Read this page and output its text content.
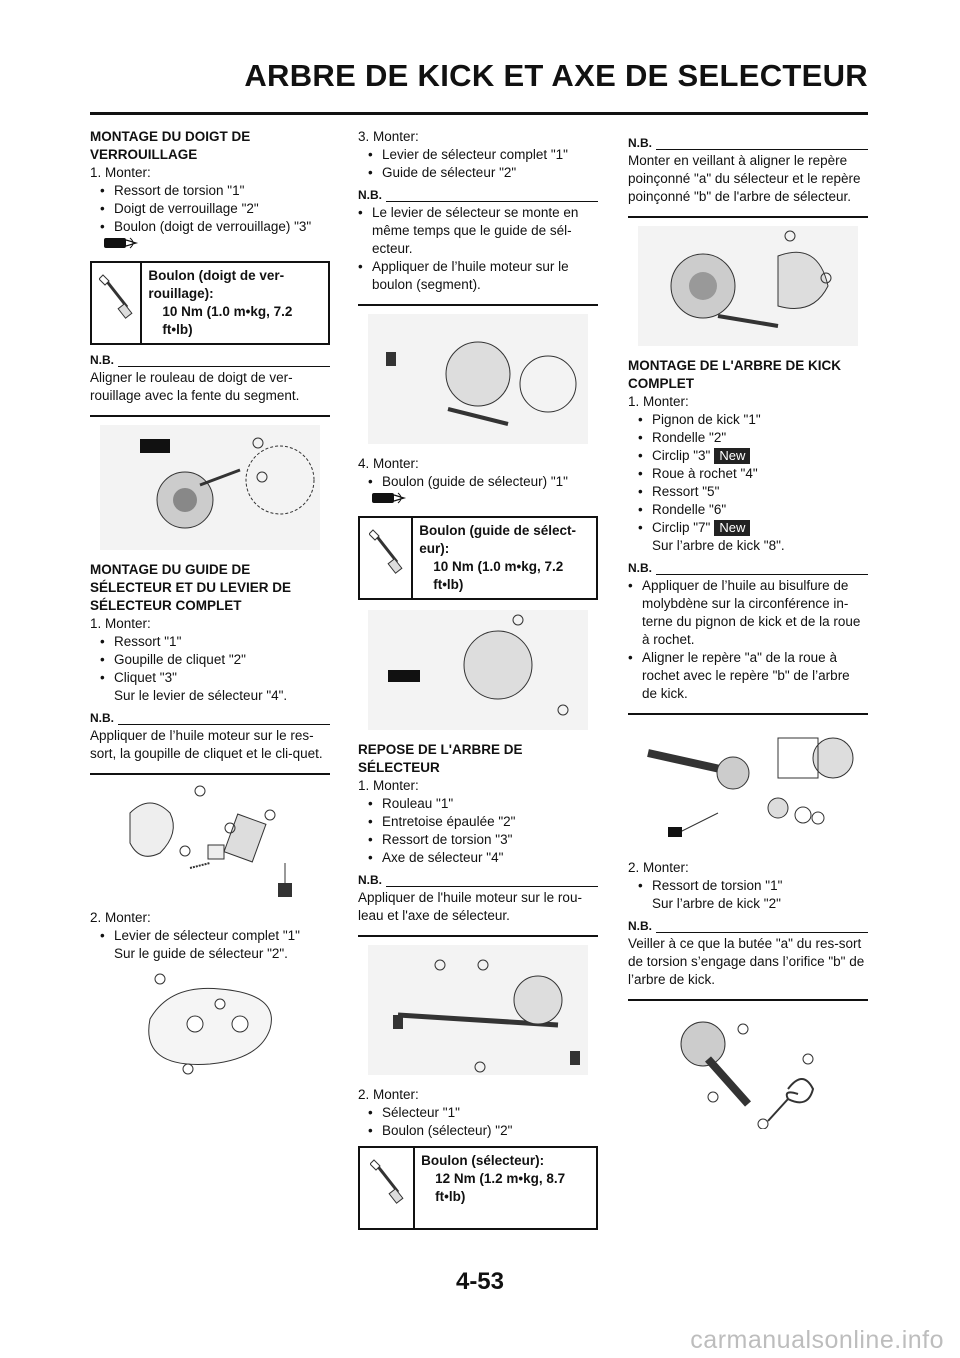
ARBRE DE KICK ET AXE DE SELECTEUR

MONTAGE DU DOIGT DE VERROUILLAGE

1. Monter:

• Ressort de torsion "1"

• Doigt de verrouillage "2"

• Boulon (doigt de verrouillage) "3"

Boulon (doigt de ver-rouillage):
10 Nm (1.0 m•kg, 7.2 ft•lb)
N.B.
Aligner le rouleau de doigt de ver-rouillage avec la fente du segment.

MONTAGE DU GUIDE DE SÉLECTEUR ET DU LEVIER DE SÉLECTEUR COMPLET

1. Monter:

• Ressort "1"

• Goupille de cliquet "2"

• Cliquet "3"

Sur le levier de sélecteur "4".

N.B.
Appliquer de l’huile moteur sur le res-sort, la goupille de cliquet et le cli-quet.

2. Monter:

• Levier de sélecteur complet "1"

Sur le guide de sélecteur "2".

3. Monter:

• Levier de sélecteur complet "1"

• Guide de sélecteur "2"

N.B.

• Le levier de sélecteur se monte en même temps que le guide de sél-ecteur.

• Appliquer de l’huile moteur sur le boulon (segment).

4. Monter:

• Boulon (guide de sélecteur) "1"

Boulon (guide de sélect-eur):
10 Nm (1.0 m•kg, 7.2 ft•lb)

REPOSE DE L'ARBRE DE SÉLECTEUR

1. Monter:

• Rouleau "1"

• Entretoise épaulée "2"

• Ressort de torsion "3"

• Axe de sélecteur "4"

N.B.
Appliquer de l'huile moteur sur le rou-leau et l'axe de sélecteur.

2. Monter:

• Sélecteur "1"

• Boulon (sélecteur) "2"

Boulon (sélecteur):
12 Nm (1.2 m•kg, 8.7 ft•lb)
N.B.
Monter en veillant à aligner le repère poinçonné "a" du sélecteur et le repère poinçonné "b" de l'arbre de sélecteur.

MONTAGE DE L'ARBRE DE KICK COMPLET

1. Monter:

• Pignon de kick "1"

• Rondelle "2"

• Circlip "3" New

• Roue à rochet "4"

• Ressort "5"

• Rondelle "6"

• Circlip "7" New

Sur l’arbre de kick "8".

N.B.

• Appliquer de l’huile au bisulfure de molybdène sur la circonférence in-terne du pignon de kick et de la roue à rochet.

• Aligner le repère "a" de la roue à rochet avec le repère "b" de l’arbre de kick.

2. Monter:

• Ressort de torsion "1"

Sur l’arbre de kick "2"

N.B.
Veiller à ce que la butée "a" du res-sort de torsion s’engage dans l’orifice "b" de l’arbre de kick.
4-53
carmanualsonline.info
